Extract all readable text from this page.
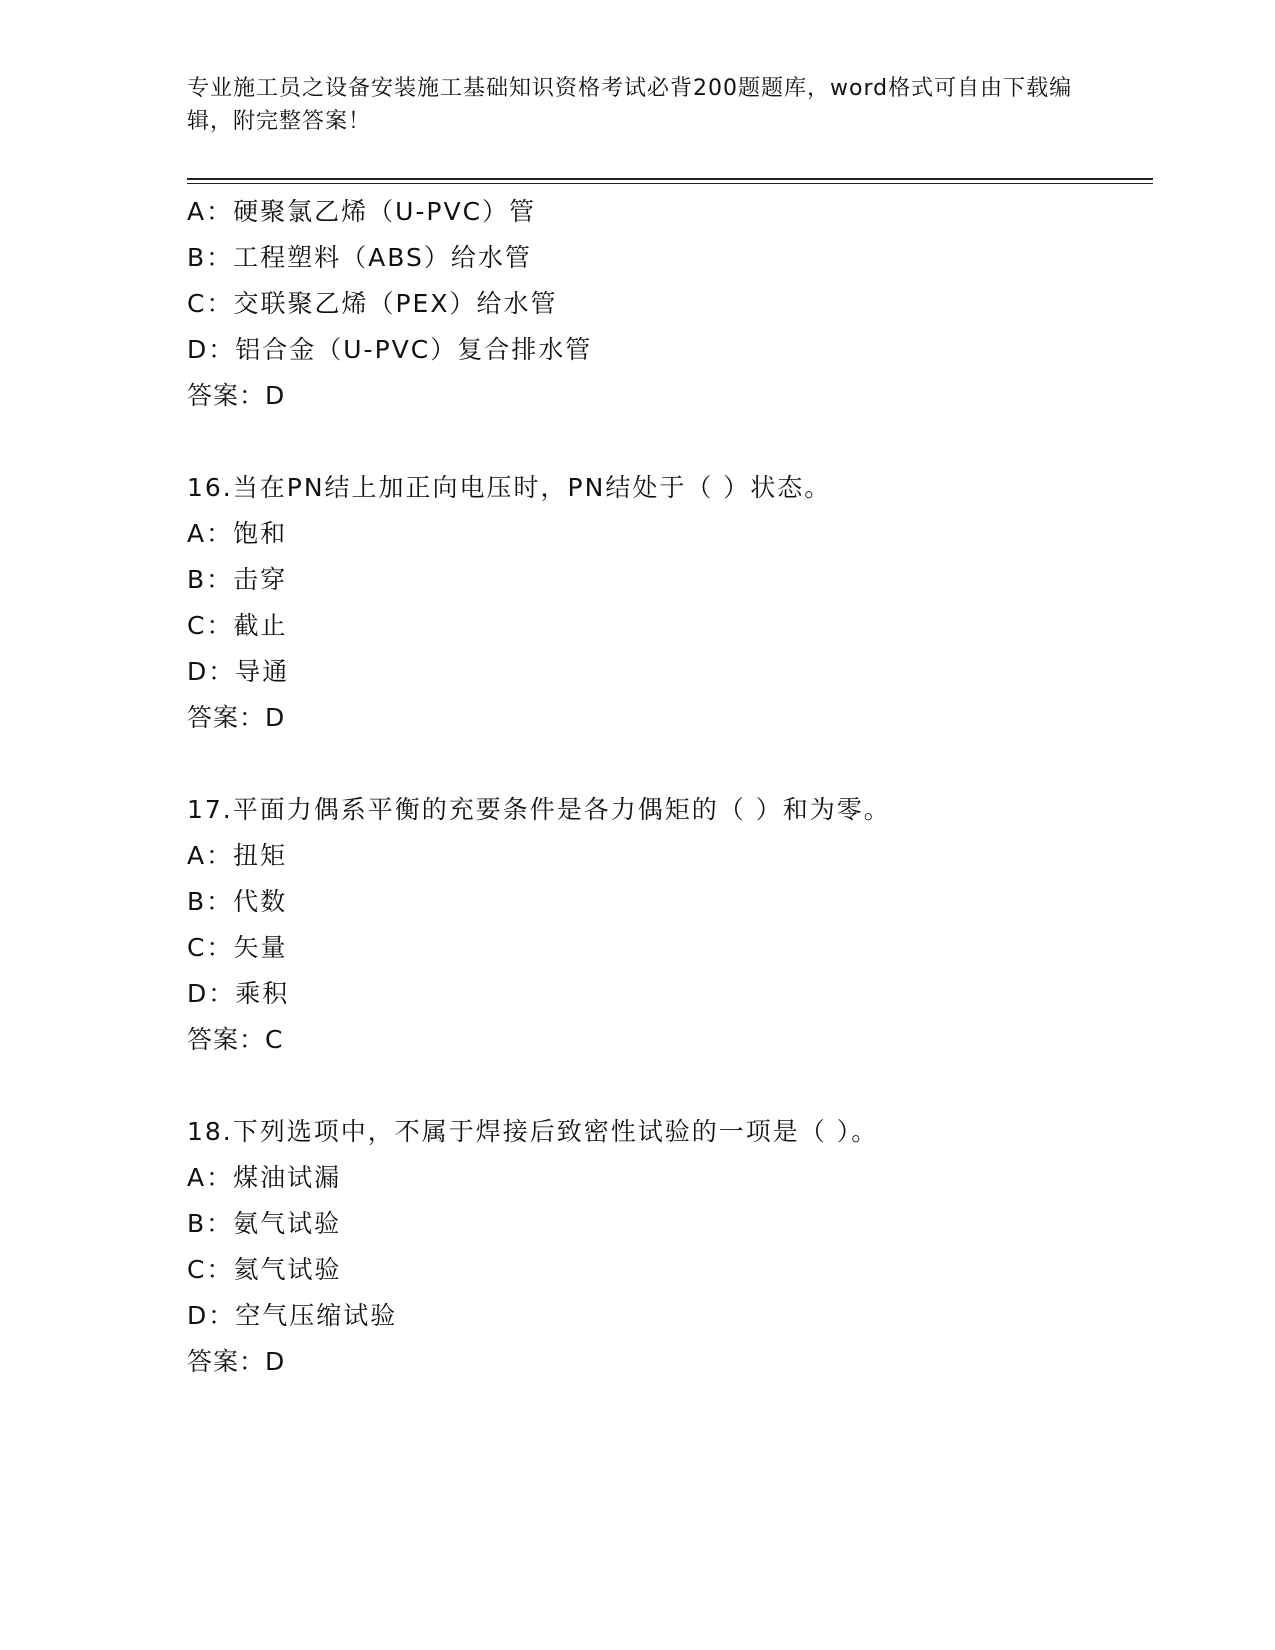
专业施工员之设备安装施工基础知识资格考试必背200题题库，word格式可自由下载编辑，附完整答案！
A：硬聚氯乙烯（U-PVC）管
B：工程塑料（ABS）给水管
C：交联聚乙烯（PEX）给水管
D：铝合金（U-PVC）复合排水管
答案：D
16.当在PN结上加正向电压时，PN结处于（ ）状态。
A：饱和
B：击穿
C：截止
D：导通
答案：D
17.平面力偶系平衡的充要条件是各力偶矩的（ ）和为零。
A：扭矩
B：代数
C：矢量
D：乘积
答案：C
18.下列选项中，不属于焊接后致密性试验的一项是（ ）。
A：煤油试漏
B：氨气试验
C：氦气试验
D：空气压缩试验
答案：D
